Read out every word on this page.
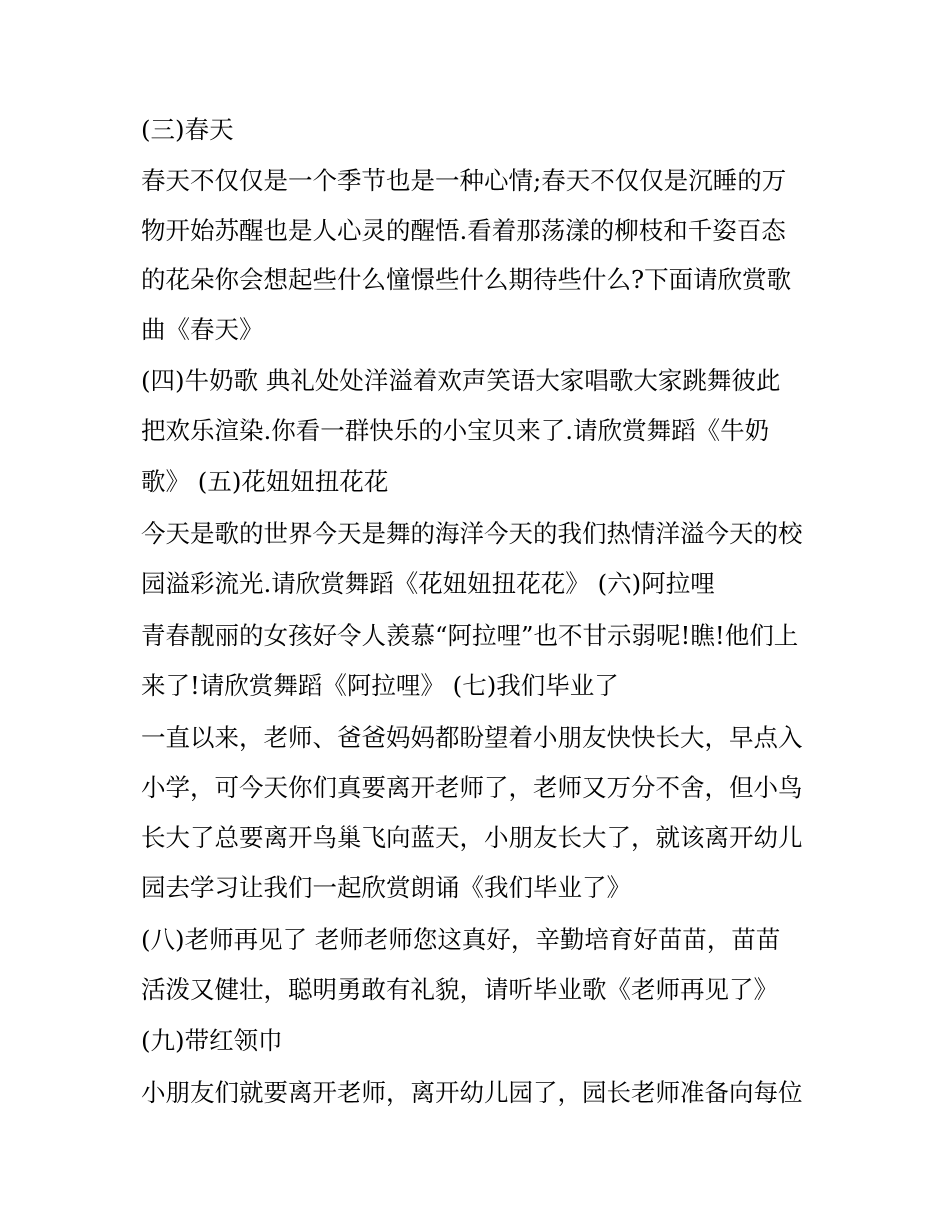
(三)春天
春天不仅仅是一个季节也是一种心情;春天不仅仅是沉睡的万
物开始苏醒也是人心灵的醒悟.看着那荡漾的柳枝和千姿百态
的花朵你会想起些什么憧憬些什么期待些什么?下面请欣赏歌
曲《春天》
(四)牛奶歌 典礼处处洋溢着欢声笑语大家唱歌大家跳舞彼此
把欢乐渲染.你看一群快乐的小宝贝来了.请欣赏舞蹈《牛奶
歌》 (五)花妞妞扭花花
今天是歌的世界今天是舞的海洋今天的我们热情洋溢今天的校
园溢彩流光.请欣赏舞蹈《花妞妞扭花花》 (六)阿拉哩
青春靓丽的女孩好令人羡慕“阿拉哩”也不甘示弱呢!瞧!他们上
来了!请欣赏舞蹈《阿拉哩》 (七)我们毕业了
一直以来，老师、爸爸妈妈都盼望着小朋友快快长大，早点入
小学，可今天你们真要离开老师了，老师又万分不舍，但小鸟
长大了总要离开鸟巢飞向蓝天，小朋友长大了，就该离开幼儿
园去学习让我们一起欣赏朗诵《我们毕业了》
(八)老师再见了 老师老师您这真好，辛勤培育好苗苗，苗苗
活泼又健壮，聪明勇敢有礼貌，请听毕业歌《老师再见了》
(九)带红领巾
小朋友们就要离开老师，离开幼儿园了，园长老师准备向每位
